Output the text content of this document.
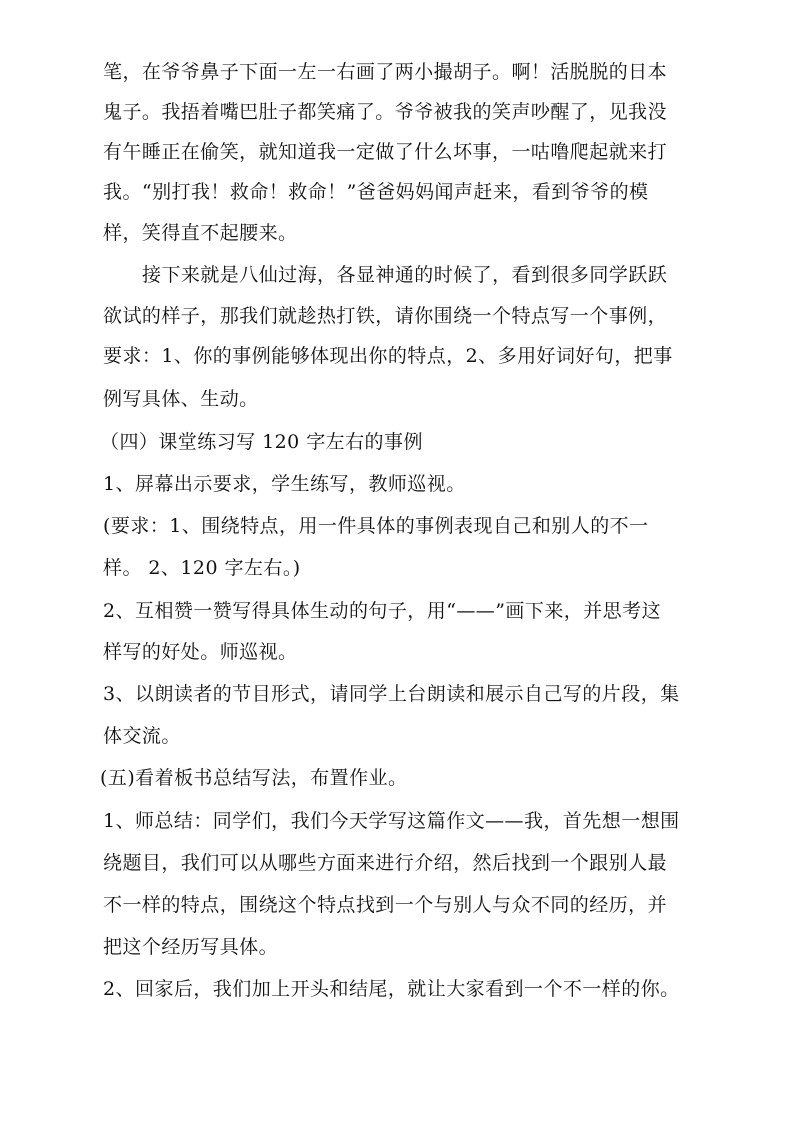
笔，在爷爷鼻子下面一左一右画了两小撮胡子。啊！活脱脱的日本
鬼子。我捂着嘴巴肚子都笑痛了。爷爷被我的笑声吵醒了，见我没
有午睡正在偷笑，就知道我一定做了什么坏事，一咕噜爬起就来打
我。“别打我！救命！救命！”爸爸妈妈闻声赶来，看到爷爷的模
样，笑得直不起腰来。
接下来就是八仙过海，各显神通的时候了，看到很多同学跃跃
欲试的样子，那我们就趁热打铁，请你围绕一个特点写一个事例，
要求：1、你的事例能够体现出你的特点，2、多用好词好句，把事
例写具体、生动。
（四）课堂练习写 120 字左右的事例
1、屏幕出示要求，学生练写，教师巡视。
(要求：1、围绕特点，用一件具体的事例表现自己和别人的不一
样。 2、120 字左右。)
2、互相赞一赞写得具体生动的句子，用“——”画下来，并思考这
样写的好处。师巡视。
3、以朗读者的节目形式，请同学上台朗读和展示自己写的片段，集
体交流。
(五)看着板书总结写法，布置作业。
1、师总结：同学们，我们今天学写这篇作文——我，首先想一想围
绕题目，我们可以从哪些方面来进行介绍，然后找到一个跟别人最
不一样的特点，围绕这个特点找到一个与别人与众不同的经历，并
把这个经历写具体。
2、回家后，我们加上开头和结尾，就让大家看到一个不一样的你。
